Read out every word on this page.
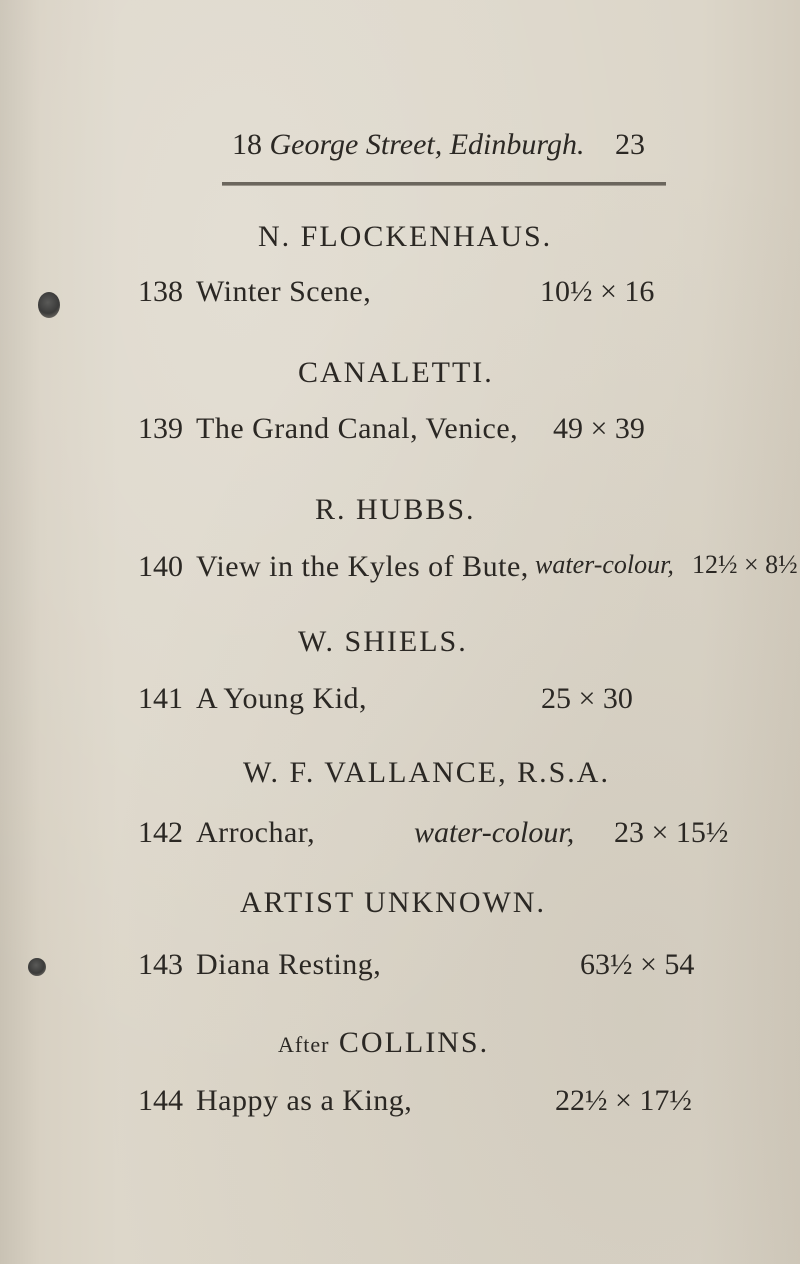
18 George Street, Edinburgh. 23
N. FLOCKENHAUS.
138 Winter Scene,	10½ × 16
CANALETTI.
139 The Grand Canal, Venice, 49 × 39
R. HUBBS.
140 View in the Kyles of Bute, water-colour, 12½ × 8½
W. SHIELS.
141 A Young Kid,	25 × 30
W. F. VALLANCE, R.S.A.
142 Arrochar,	water-colour, 23 × 15½
ARTIST UNKNOWN.
143 Diana Resting,	63½ × 54
After COLLINS.
144 Happy as a King,	22½ × 17½
